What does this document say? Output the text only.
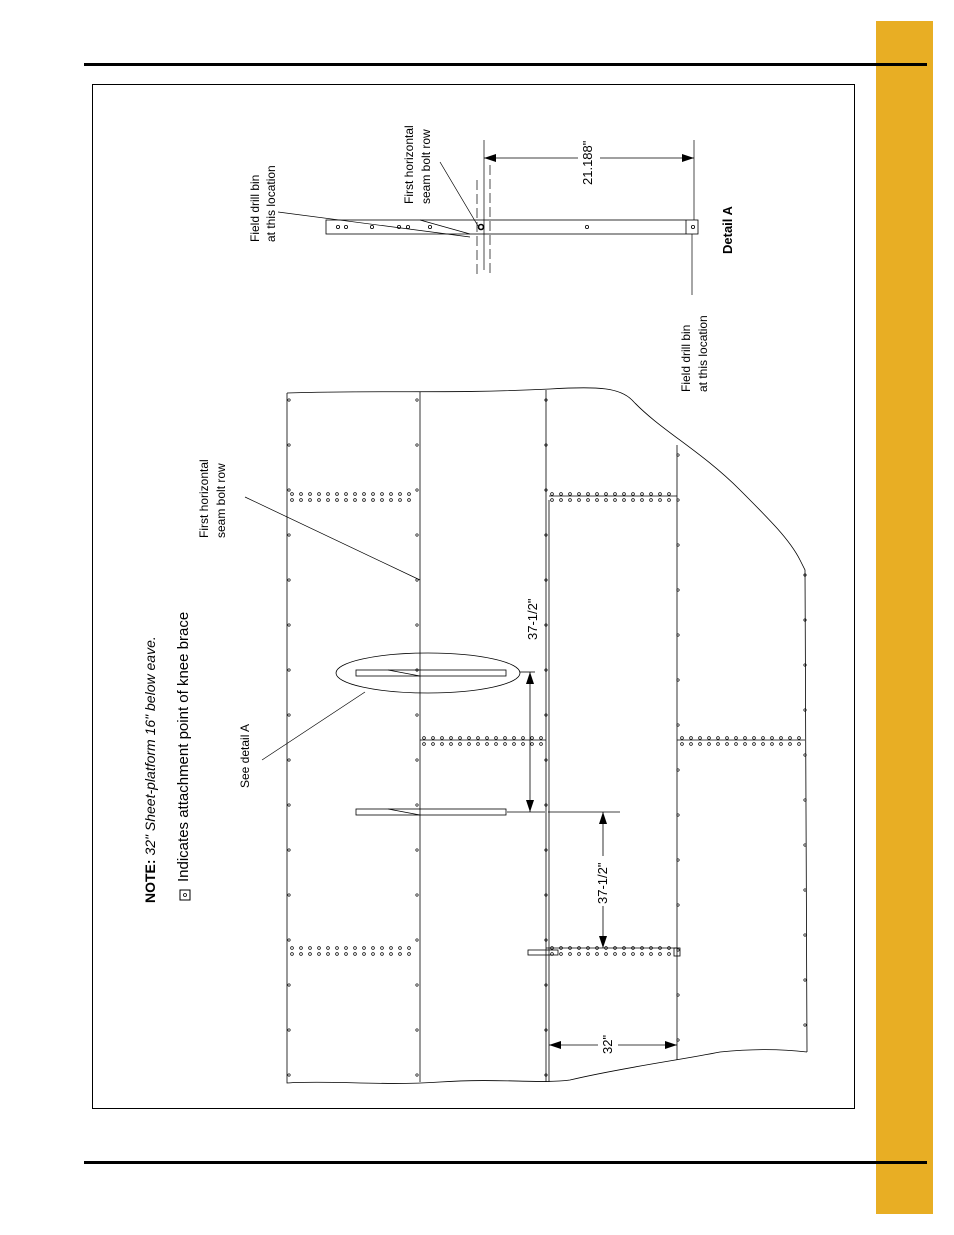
NOTE: 32" Sheet-platform 16" below eave. Indicates attachment point of knee brace	See detail A
First horizontal seam bolt row
37-1/2"
37-1/2"
32"
21.188"
Field drill bin at this location	First horizontal seam bolt row
Field drill bin at this location
Detail A
